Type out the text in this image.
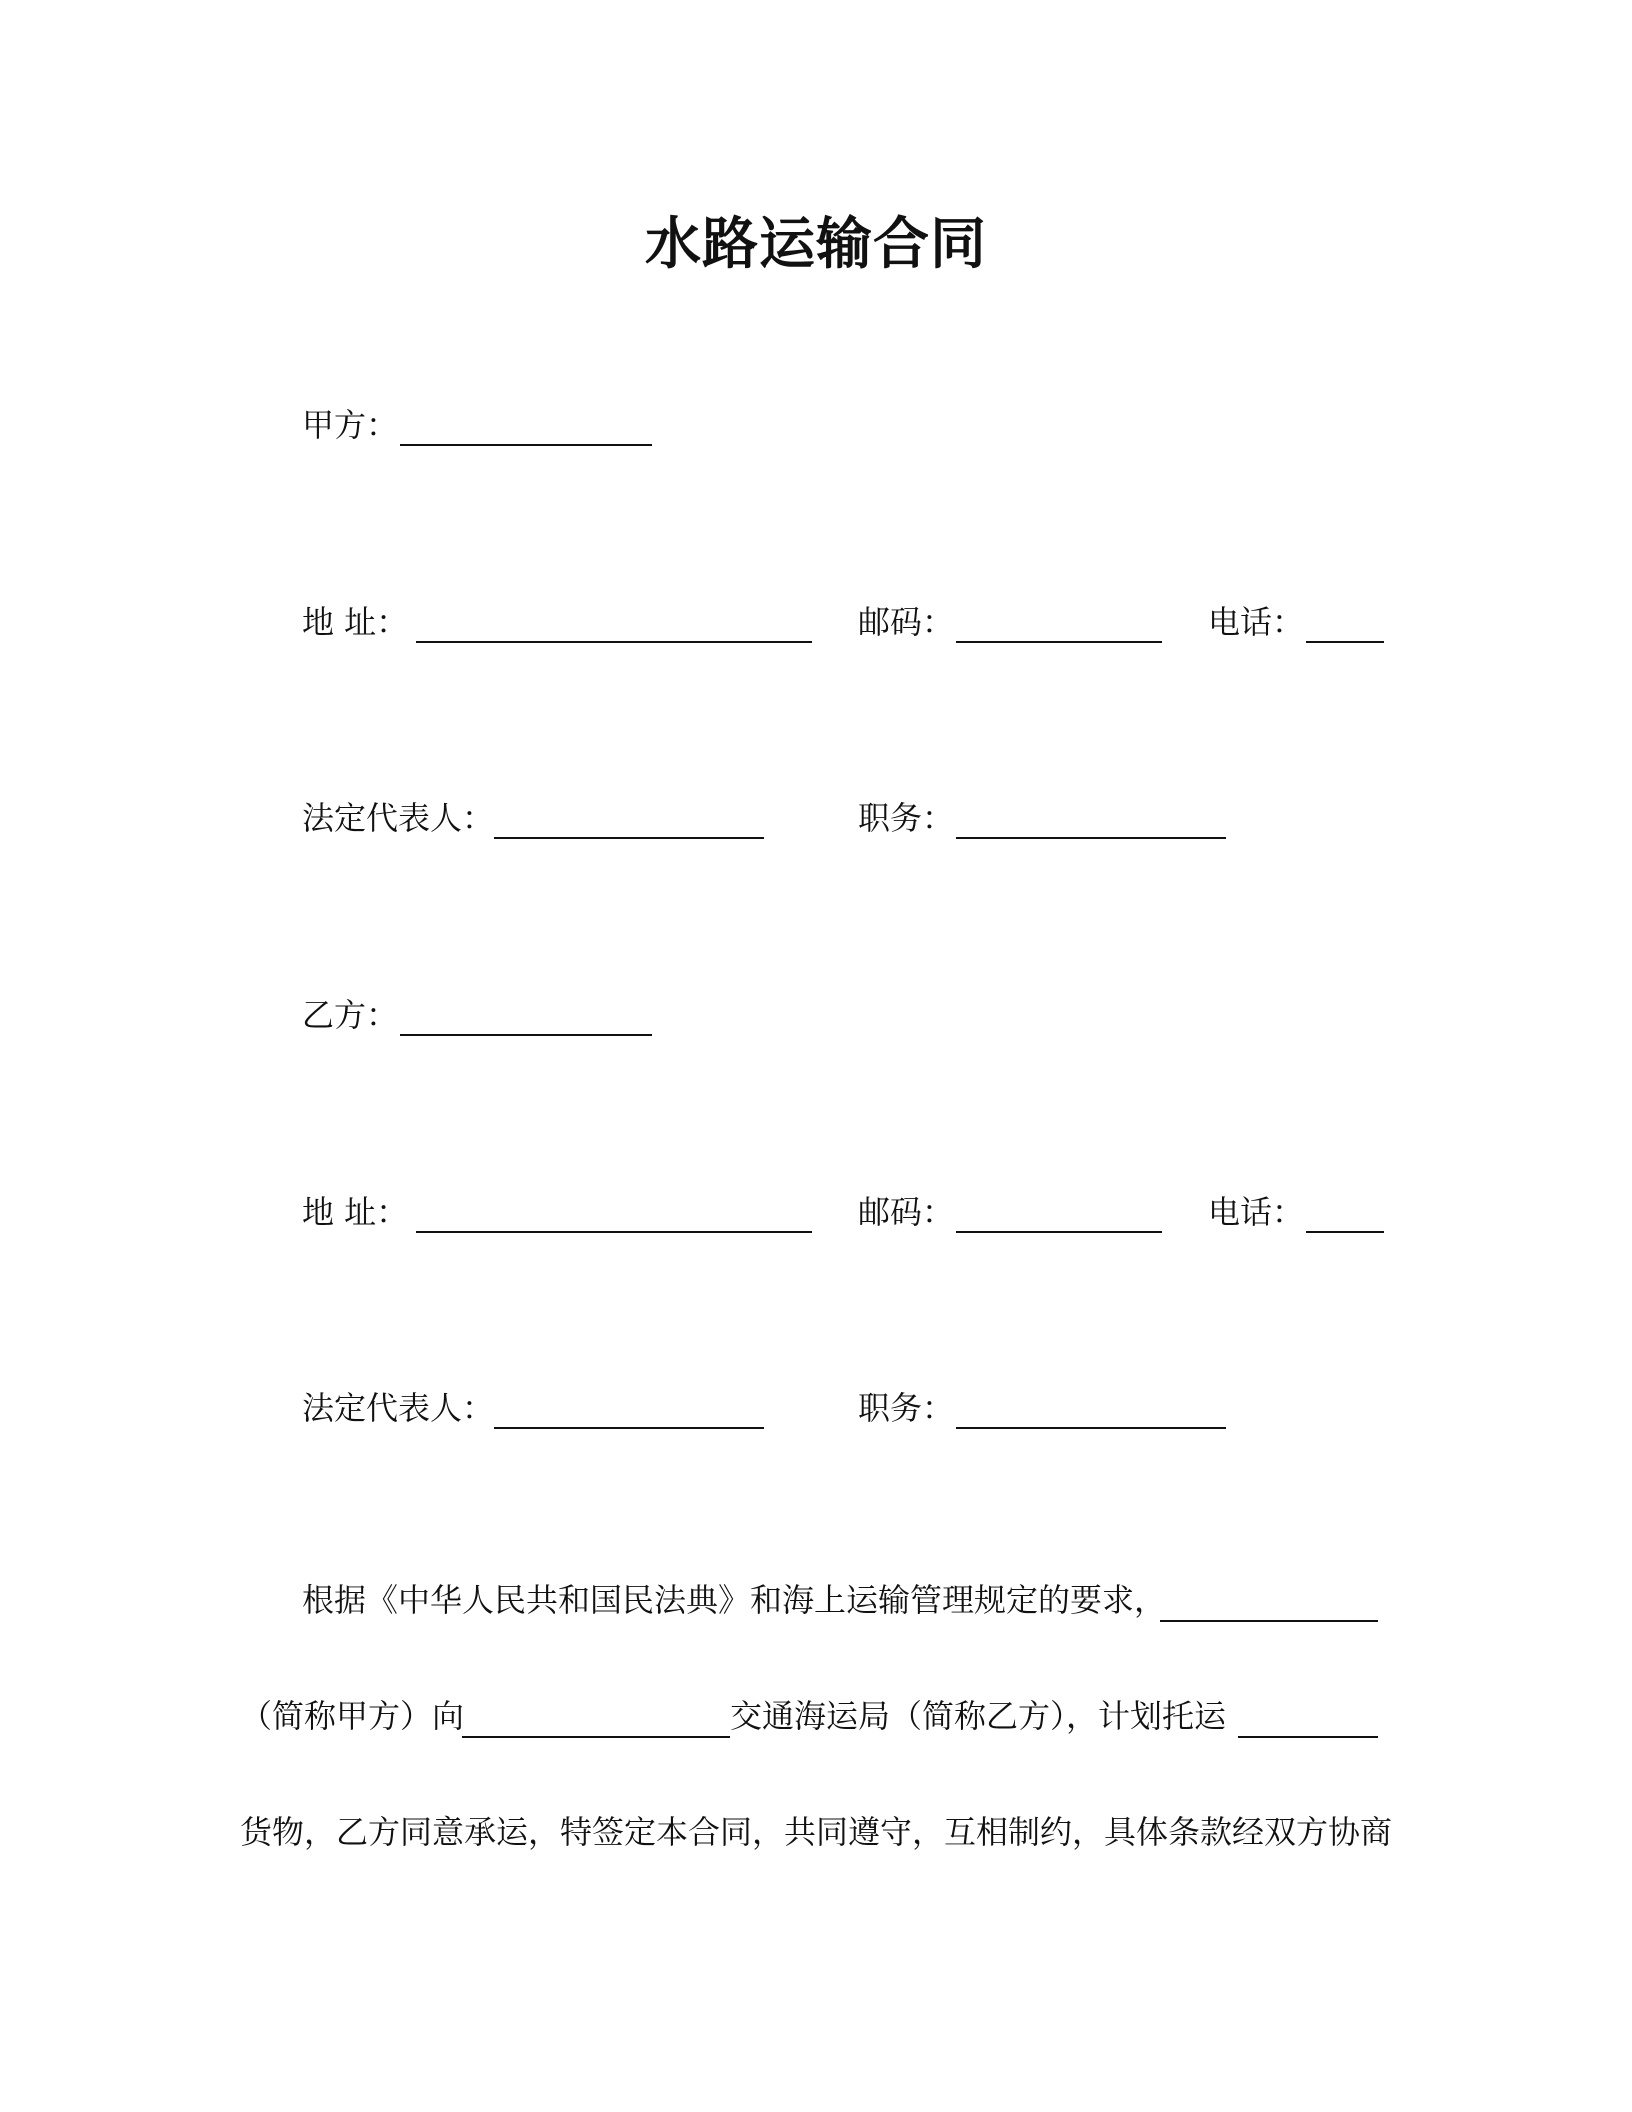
水路运输合同
甲方：
地 址：	邮码：	电话：
法定代表人：	职务：
乙方：
地 址：	邮码：	电话：
法定代表人：	职务：
根据《中华人民共和国民法典》和海上运输管理规定的要求，
（简称甲方）向	交通海运局（简称乙方），计划托运
货物，乙方同意承运，特签定本合同，共同遵守，互相制约，具体条款经双方协商
